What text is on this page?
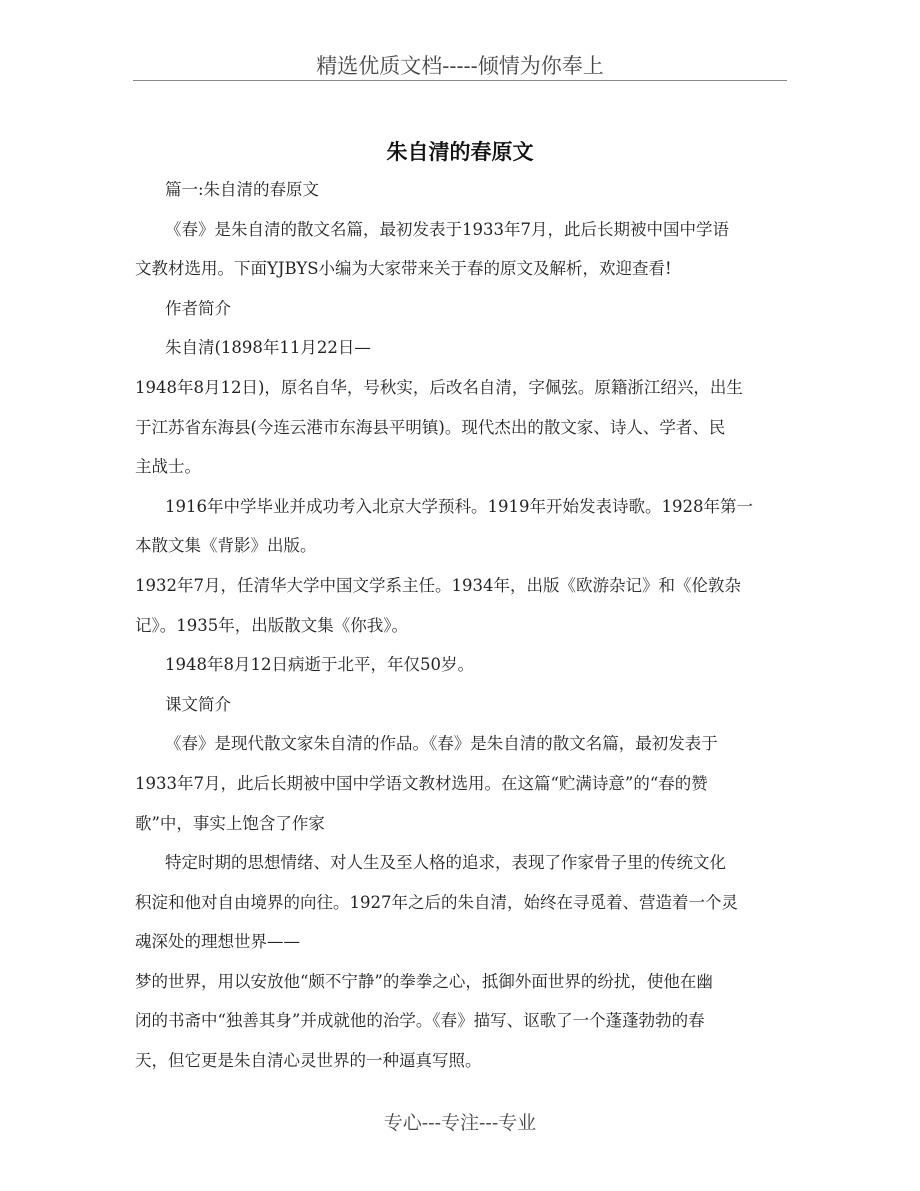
精选优质文档-----倾情为你奉上
朱自清的春原文
篇一:朱自清的春原文
《春》是朱自清的散文名篇，最初发表于1933年7月，此后长期被中国中学语
文教材选用。下面YJBYS小编为大家带来关于春的原文及解析，欢迎查看!
作者简介
朱自清(1898年11月22日—
1948年8月12日)，原名自华，号秋实，后改名自清，字佩弦。原籍浙江绍兴，出生
于江苏省东海县(今连云港市东海县平明镇)。现代杰出的散文家、诗人、学者、民
主战士。
1916年中学毕业并成功考入北京大学预科。1919年开始发表诗歌。1928年第一
本散文集《背影》出版。
1932年7月，任清华大学中国文学系主任。1934年，出版《欧游杂记》和《伦敦杂
记》。1935年，出版散文集《你我》。
1948年8月12日病逝于北平，年仅50岁。
课文简介
《春》是现代散文家朱自清的作品。《春》是朱自清的散文名篇，最初发表于
1933年7月，此后长期被中国中学语文教材选用。在这篇“贮满诗意”的“春的赞
歌”中，事实上饱含了作家
特定时期的思想情绪、对人生及至人格的追求，表现了作家骨子里的传统文化
积淀和他对自由境界的向往。1927年之后的朱自清，始终在寻觅着、营造着一个灵
魂深处的理想世界——
梦的世界，用以安放他“颇不宁静”的拳拳之心，抵御外面世界的纷扰，使他在幽
闭的书斋中“独善其身”并成就他的治学。《春》描写、讴歌了一个蓬蓬勃勃的春
天，但它更是朱自清心灵世界的一种逼真写照。
专心---专注---专业
